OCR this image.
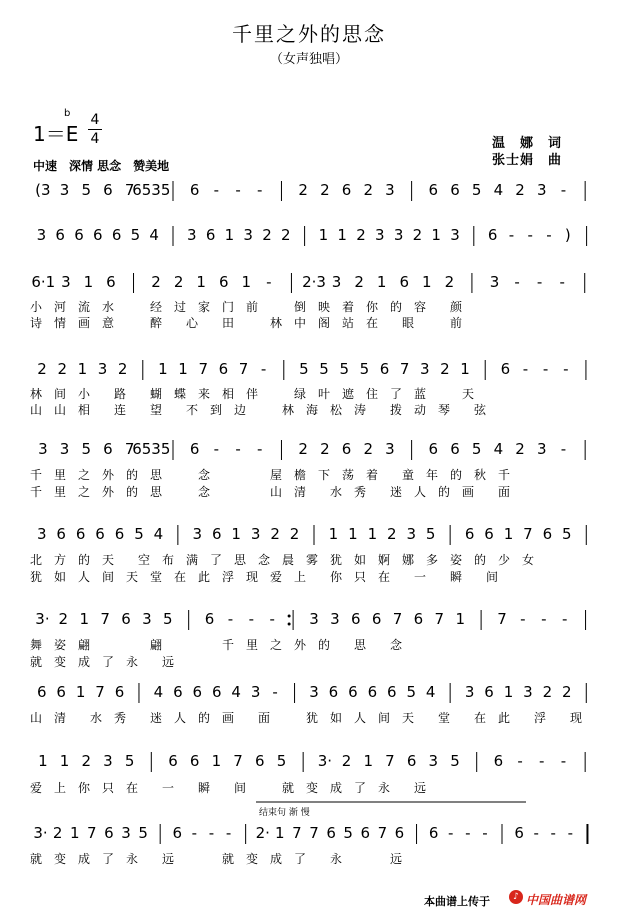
千里之外的思念
（女声独唱）
1＝E
b 4
4
中速　深情 思念　赞美地
温　娜　 词
张士娟　 曲
(3 3 5 6 7
6535 6 - - - 2 2 6 2 3 6 6 5 4 2 3 -
3 6 6 6 6 5 4 3 6 1 3 2 2 1 1 2 3 3 2 1 3 6 - - - )
6·1 3 1 6 2 2 1 6 1 - 2·3 3 2 1 6 1 2 3 - - -
2 2 1 3 2 1 1 7 6 7 - 5 5 5 5 6 7 3 2 1 6 - - -
3 3 5 6 7
6535 6 - - - 2 2 6 2 3 6 6 5 4 2 3 -
3 6 6 6 6 5 4 3 6 1 3 2 2 1 1 1 2 3 5 6 6 1 7 6 5
3· 2 1 7 6 3 5 6 - - - 3 3 6 6 7 6 7 1 7 - - -
6 6 1 7 6 4 6 6 6 4 3 - 3 6 6 6 6 5 4 3 6 1 3 2 2
1 1 2 3 5 6 6 1 7 6 5 3· 2 1 7 6 3 5 6 - - -
3· 2 1 7 6 3 5 6 - - - 2· 1 7 7 6 5 6 7 6 6 - - - 6 - - -
小　河　流　水　　　经　过　家　门　前　　　倒　映　着　你　的　容　　颜
诗　情　画　意　　　醉　　心　　田　　　林　中　阁　站　在　　眼　　　前
林　间　小　　路　　蝴　蝶　来　相　伴　　　绿　叶　遮　住　了　蓝　　　天
山　山　相　　连　　望　　不　到　边　　　林　海　松　涛　　拨　动　琴　　弦
千　里　之　外　的　思　　　念　　　　　屋　檐　下　荡　着　　童　年　的　秋　千
千　里　之　外　的　思　　　念　　　　　山　清　　水　秀　　迷　人　的　画　　面
北　方　的　天　　空　布　满　了　思　念　晨　雾　犹　如　婀　娜　多　姿　的　少　女
犹　如　人　间　天　堂　在　此　浮　现　爱　上　　你　只　在　　一　　瞬　　间
舞　姿　翩　　　　　翩　　　　　千　里　之　外　的　　思　　念
就　变　成　了　永　　远
山　清　　水　秀　　迷　人　的　画　　面　　　犹　如　人　间　天　　堂　　在　此　　浮　　现
爱　上　你　只　在　　一　　瞬　　间　　　就　变　成　了　永　　远
就　变　成　了　永　　远　　　　就　变　成　了　　永　　　　远
结束句 渐 慢
本曲谱上传于	♪ 中国曲谱网
